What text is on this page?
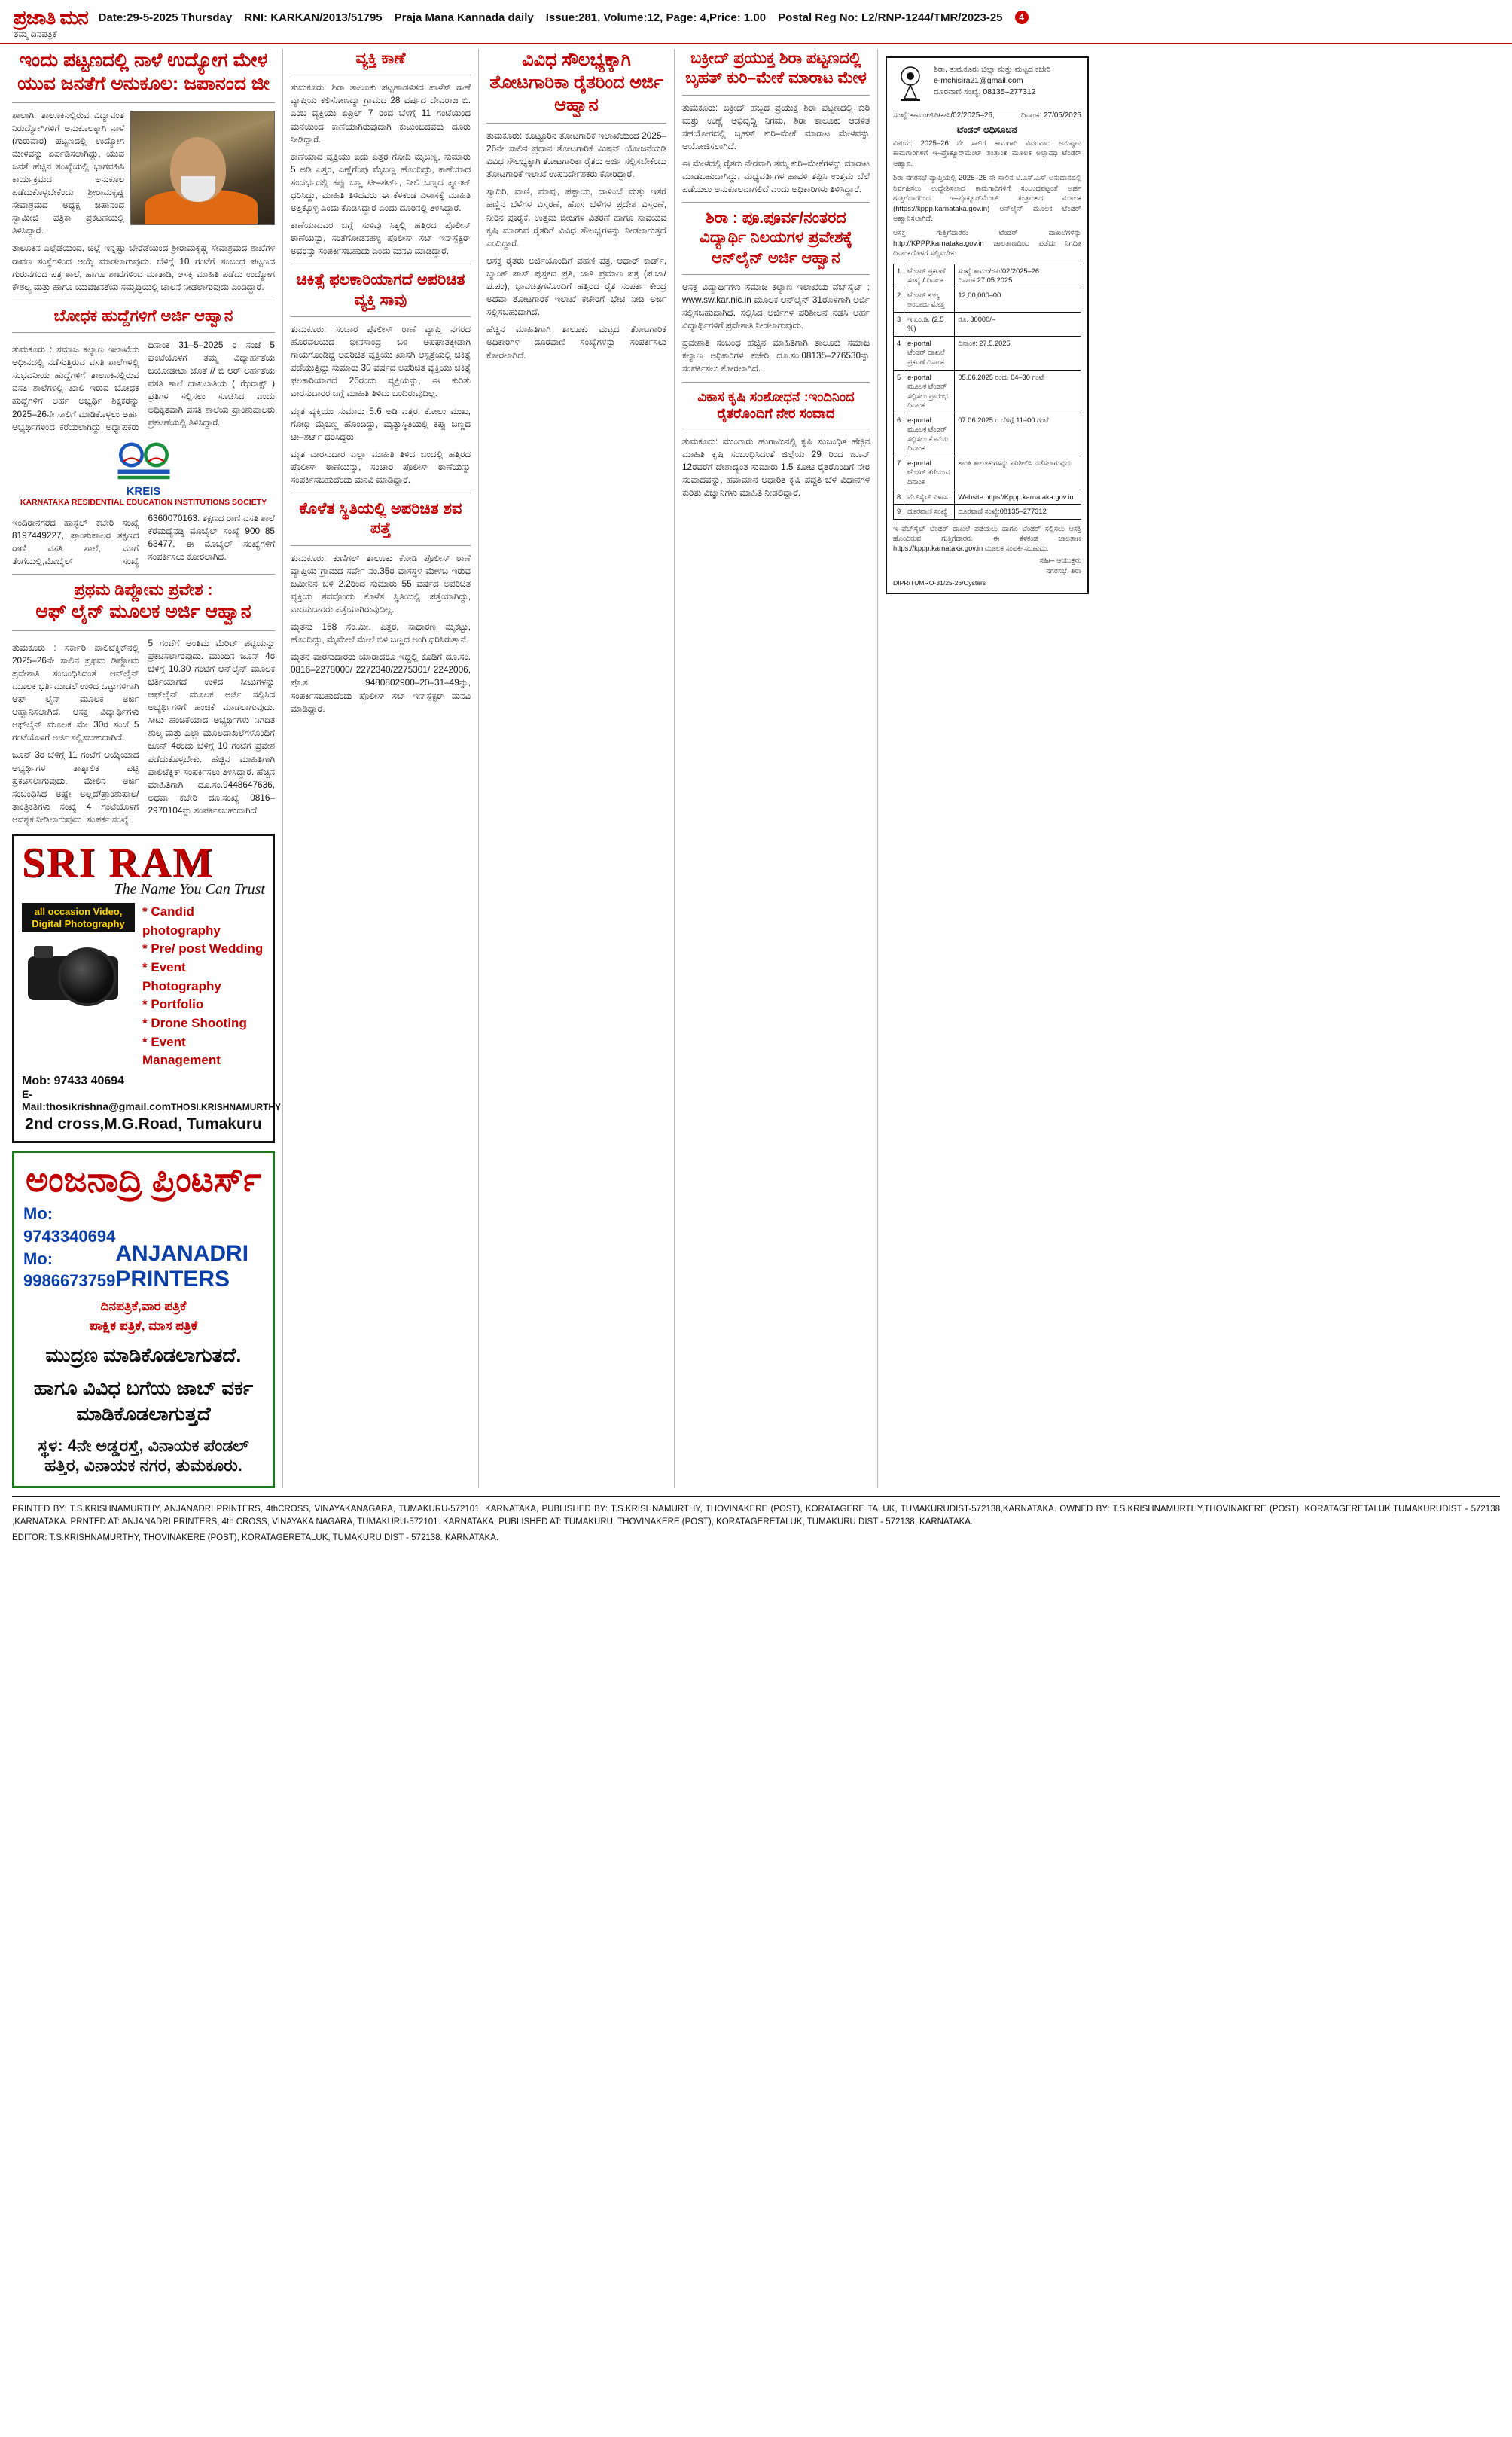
ಪ್ರಜಾತಿ ಮನ
ತಮ್ಮ ದಿನಪತ್ರಿಕೆ
Date:29-5-2025 Thursday RNI: KARKAN/2013/51795 Praja Mana Kannada daily Issue:281, Volume:12, Page: 4,Price: 1.00 Postal Reg No: L2/RNP-1244/TMR/2023-25	4
ಇಂದು ಪಟ್ಟಣದಲ್ಲಿ ನಾಳೆ ಉದ್ಯೋಗ ಮೇಳ ಯುವ ಜನತೆಗೆ ಅನುಕೂಲ: ಜಪಾನಂದ ಜೀ
ಶಾಲಾಗಿ: ತಾಲೂಕಿನಲ್ಲಿರುವ ವಿದ್ಯಾವಂತ ನಿರುದ್ಯೋಗಿಗಳಿಗೆ ಅನುಕೂಲಕ್ಕಾಗಿ ನಾಳೆ (ಗುರುವಾರ) ಪಟ್ಟಣದಲ್ಲಿ ಉದ್ಯೋಗ ಮೇಳವನ್ನು ಏರ್ಪಡಿಸಲಾಗಿದ್ದು, ಯುವ ಜನತೆ ಹೆಚ್ಚಿನ ಸಂಖ್ಯೆಯಲ್ಲಿ ಭಾಗವಹಿಸಿ ಕಾರ್ಯಕ್ರಮದ ಅನುಕೂಲ ಪಡೆದುಕೊಳ್ಳಬೇಕೆಂದು ಶ್ರೀರಾಮಕೃಷ್ಣ ಸೇವಾಶ್ರಮದ ಅಧ್ಯಕ್ಷ ಜಪಾನಂದ ಸ್ವಾಮೀಜಿ ಪತ್ರಿಕಾ ಪ್ರಕಟಣೆಯಲ್ಲಿ ತಿಳಿಸಿದ್ದಾರೆ.
ತಾಲೂಕಿನ ಎಲ್ಲೆಡೆಯಿಂದ, ಜಿಲ್ಲೆ ಇನ್ನಷ್ಟು ಬೇರೆಡೆಯಿಂದ ಶ್ರೀರಾಮಕೃಷ್ಣ ಸೇವಾಶ್ರಮದ ಶಾಖೆಗಳ ರಾವಣ ಸಂಸ್ಥೆಗಳಿಂದ ಆಯ್ಕೆ ಮಾಡಲಾಗುವುದು. ಬೆಳಿಗ್ಗೆ 10 ಗಂಟೆಗೆ ಸಂಬಂಧ ಪಟ್ಟಣದ ಗುರುನಗರದ ಪತ್ರ ಶಾಲೆ, ಹಾಗೂ ಶಾಖೆಗಳಿಂದ ಮಾತಾಡಿ, ಆಸಕ್ತಿ ಮಾಹಿತಿ ಪಡೆದು ಉದ್ಯೋಗ ಕೌಶಲ್ಯ ಮತ್ತು ಹಾಗೂ ಯುವಜನತೆಯ ಸಮೃದ್ಧಿಯಲ್ಲಿ ಚಾಲನೆ ನೀಡಲಾಗುವುದು ಎಂದಿದ್ದಾರೆ.
ಬೋಧಕ ಹುದ್ದೆಗಳಿಗೆ ಅರ್ಜಿ ಆಹ್ವಾನ
ತುಮಕೂರು : ಸಮಾಜ ಕಲ್ಯಾಣ ಇಲಾಖೆಯ ಅಧೀನದಲ್ಲಿ ನಡೆಸುತ್ತಿರುವ ವಸತಿ ಶಾಲೆಗಳಲ್ಲಿ ಸಂಭವನೀಯ ಹುದ್ದೆಗಳಿಗೆ ತಾಲೂಕಿನಲ್ಲಿರುವ ವಸತಿ ಶಾಲೆಗಳಲ್ಲಿ ಖಾಲಿ ಇರುವ ಬೋಧಕ ಹುದ್ದೆಗಳಿಗೆ ಅರ್ಹ ಅಭ್ಯರ್ಥಿ ಶಿಕ್ಷಕರನ್ನು 2025–26ನೇ ಸಾಲಿಗೆ ಮಾಡಿಕೊಳ್ಳಲು ಅರ್ಹ ಅಭ್ಯರ್ಥಿಗಳಿಂದ ಕರೆಯಲಾಗಿದ್ದು ಅಧ್ಯಾಪಕರು ದಿನಾಂಕ 31–5–2025 ರ ಸಂಜೆ 5 ಘಂಟೆಯೊಳಗೆ ತಮ್ಮ ವಿದ್ಯಾರ್ಹತೆಯ ಬಯೋಡೇಟಾ ಜೊತೆ // ಬಿ ಆರ್ ಅರ್ಹತೆಯ ವಸತಿ ಶಾಲೆ ದಾಖಲಾತಿಯ ( ಝೆರಾಕ್ಸ್ ) ಪ್ರತಿಗಳ ಸಲ್ಲಿಸಲು ಸೂಚಿಸಿದ ಎಂದು ಅಧಿಕೃತವಾಗಿ ವಸತಿ ಶಾಲೆಯ ಪ್ರಾಂಶುಪಾಲರು ಪ್ರಕಟಣೆಯಲ್ಲಿ ತಿಳಿಸಿದ್ದಾರೆ.
KREIS
KARNATAKA RESIDENTIAL EDUCATION INSTITUTIONS SOCIETY
ಇಂದಿರಾನಗರದ ಹಾಸ್ಟೆಲ್ ಕಚೇರಿ ಸಂಖ್ಯೆ 8197449227, ಪ್ರಾಂಶುಪಾಲರ ತಕ್ಷಣದ ರಾಣಿ ವಸತಿ ಶಾಲೆ, ಮಾಗೆ ತೆಂಗೆಯಲ್ಲಿ,ಮೊಬೈಲ್ ಸಂಖ್ಯೆ 6360070163. ತಕ್ಷಣದ ರಾಣಿ ವಸತಿ ಶಾಲೆ ಕೆರೆಮಧ್ಯೆನಡ್ಡಿ ಮೊಬೈಲ್ ಸಂಖ್ಯೆ 900 85 63477, ಈ ಮೊಬೈಲ್ ಸಂಖ್ಯೆಗಳಿಗೆ ಸಂಪರ್ಕಿಸಲು ಕೋರಲಾಗಿದೆ.
ಪ್ರಥಮ ಡಿಪ್ಲೋಮ ಪ್ರವೇಶ :
ಆಫ್ ಲೈನ್ ಮೂಲಕ ಅರ್ಜಿ ಆಹ್ವಾನ
ತುಮಕೂರು : ಸರ್ಕಾರಿ ಪಾಲಿಟೆಕ್ನಿಕ್‌ನಲ್ಲಿ 2025–26ನೇ ಸಾಲಿನ ಪ್ರಥಮ ಡಿಪ್ಲೋಮ ಪ್ರವೇಶಾತಿ ಸಂಬಂಧಿಸಿದಂತೆ ಆನ್‌ಲೈನ್ ಮೂಲಕ ಭರ್ತಿಮಾಡಲೆ ಉಳಿದ ಒಟ್ಟುಗಳಿಗಾಗಿ ಆಫ್ ಲೈನ್ ಮೂಲಕ ಅರ್ಜಿ ಆಹ್ವಾನಿಸಲಾಗಿದೆ. ಆಸಕ್ತ ವಿದ್ಯಾರ್ಥಿಗಳು ಆಫ್‌ಲೈನ್ ಮೂಲಕ ಮೇ 30ರ ಸಂಜೆ 5 ಗಂಟೆಯೊಳಗೆ ಅರ್ಜಿ ಸಲ್ಲಿಸಬಹುದಾಗಿದೆ.
ಜೂನ್ 3ರ ಬೆಳಿಗ್ಗೆ 11 ಗಂಟೆಗೆ ಆಯ್ಕೆಯಾದ ಅಭ್ಯರ್ಥಿಗಳ ತಾತ್ಕಾಲಿಕ ಪಟ್ಟಿ ಪ್ರಕಟಿಸಲಾಗುವುದು. ಮೇಲಿನ ಅರ್ಜಿ ಸಂಬಂಧಿಸಿದ ಅಷ್ಟೇ ಅಲ್ಲದೆ/ಪ್ರಾಂಶುಪಾಲ/ ತಾಂತ್ರಿಕತಿಗಳು ಸಂಖ್ಯೆ 4 ಗಂಟೆಯೊಳಗೆ ಆವಶ್ಯಕ ನೀಡಿಲಾಗುವುದು. ಸಂಪರ್ಕ ಸಂಖ್ಯೆ
5 ಗಂಟೆಗೆ ಅಂತಿಮ ಮೆರಿಟ್ ಪಟ್ಟಿಯನ್ನು ಪ್ರಕಟಿಸಲಾಗುವುದು. ಮುಂದಿನ ಜೂನ್ 4ರ ಬೆಳಿಗ್ಗೆ 10.30 ಗಂಟೆಗೆ ಆನ್‌ಲೈನ್ ಮೂಲಕ ಭರ್ತಿಯಾಗದೆ ಉಳಿದ ಸೀಟುಗಳನ್ನು ಆಫ್‌ಲೈನ್ ಮೂಲಕ ಅರ್ಜಿ ಸಲ್ಲಿಸಿದ ಅಭ್ಯರ್ಥಿಗಳಿಗೆ ಹಂಚಿಕೆ ಮಾಡಲಾಗುವುದು. ಸೀಟು ಹಂಚಿಕೆಯಾದ ಅಭ್ಯರ್ಥಿಗಳು ನಿಗದಿತ ಶುಲ್ಕ ಮತ್ತು ಎಲ್ಲಾ ಮೂಲದಾಖಲೆಗಳೊಂದಿಗೆ ಜೂನ್ 4ರಂದು ಬೆಳಿಗ್ಗೆ 10 ಗಂಟೆಗೆ ಪ್ರವೇಶ ಪಡೆದುಕೊಳ್ಳಬೇಕು. ಹೆಚ್ಚಿನ ಮಾಹಿತಿಗಾಗಿ ಪಾಲಿಟೆಕ್ನಿಕ್ ಸಂಪರ್ಕಿಸಲು ತಿಳಿಸಿದ್ದಾರೆ. ಹೆಚ್ಚಿನ ಮಾಹಿತಿಗಾಗಿ ದೂ.ಸಂ.9448647636, ಅಥವಾ ಕಚೇರಿ ದೂ.ಸಂಖ್ಯೆ 0816–2970104ನ್ನು ಸಂಪರ್ಕಿಸಬಹುದಾಗಿದೆ.
SRI RAM
The Name You Can Trust
all occasion Video, Digital Photography
* Candid photography
* Pre/ post Wedding
* Event Photography
* Portfolio
* Drone Shooting
* Event Management
Mob: 97433 40694
E-Mail:thosikrishna@gmail.com THOSI.KRISHNAMURTHY
2nd cross,M.G.Road, Tumakuru
ಅಂಜನಾದ್ರಿ ಪ್ರಿಂಟರ್ಸ್
Mo: 9743340694
Mo: 9986673759
ANJANADRI PRINTERS
ದಿನಪತ್ರಿಕೆ,ವಾರ ಪತ್ರಿಕೆ
ಪಾಕ್ಷಿಕ ಪತ್ರಿಕೆ, ಮಾಸ ಪತ್ರಿಕೆ
ಮುದ್ರಣ ಮಾಡಿಕೊಡಲಾಗುತದೆ.
ಹಾಗೂ ವಿವಿಧ ಬಗೆಯ ಜಾಬ್ ವರ್ಕ ಮಾಡಿಕೊಡಲಾಗುತ್ತದೆ
ಸ್ಥಳ: 4ನೇ ಅಡ್ಡರಸ್ತೆ, ವಿನಾಯಕ ಪೆಂಡಲ್ ಹತ್ತಿರ, ವಿನಾಯಕ ನಗರ, ತುಮಕೂರು.
ವ್ಯಕ್ತಿ ಕಾಣೆ
ತುಮಕೂರು: ಶಿರಾ ತಾಲೂಕು ಪಟ್ಟಣಾಡಳಿತದ ಪಾಳೆಸ್ ಠಾಣೆ ವ್ಯಾಪ್ತಿಯ ಕಲಿಸೋಣದ್ಯಾ ಗ್ರಾಮದ 28 ವರ್ಷದ ದೇವರಾಜ ಬಿ. ಎಂಬ ವ್ಯಕ್ತಿಯು ಏಪ್ರಿಲ್ 7 ರಿಂದ ಬೆಳಿಗ್ಗೆ 11 ಗಂಟೆಯಿಂದ ಮನೆಯಿಂದ ಕಾಣೆಯಾಗಿರುವುದಾಗಿ ಕುಟುಂಬದವರು ದೂರು ನೀಡಿದ್ದಾರೆ.
ಕಾಣೆಯಾದ ವ್ಯಕ್ತಿಯು ಐದು ಎತ್ತರ ಗೋದಿ ಮೈಬಣ್ಣ, ಸುಮಾರು 5 ಅಡಿ ಎತ್ತರ, ಎಣ್ಣೆಗೆಂಪು ಮೈಬಣ್ಣ ಹೊಂದಿದ್ದು, ಕಾಣೆಯಾದ ಸಂದರ್ಭದಲ್ಲಿ ಕಪ್ಪು ಬಣ್ಣ ಟೀ–ಶರ್ಟ್, ನೀಲಿ ಬಣ್ಣದ ಪ್ಯಾಂಟ್ ಧರಿಸಿದ್ದು, ಮಾಹಿತಿ ತಿಳಿದವರು ಈ ಕೆಳಕಂಡ ವಿಳಾಸಕ್ಕೆ ಮಾಹಿತಿ ಅತ್ತಿಕ್ಕೊಳ್ಳಿ ಎಂದು ಕೊಡಿಸಿದ್ದಾರೆ ಎಂದು ದೂರಿನಲ್ಲಿ ತಿಳಿಸಿದ್ದಾರೆ.
ಕಾಣೆಯಾದವರ ಬಗ್ಗೆ ಸುಳಿವು ಸಿಕ್ಕಲ್ಲಿ ಹತ್ತಿರದ ಪೊಲೀಸ್ ಠಾಣೆಯನ್ನು, ಸಂತೆಗೋಡನಹಳ್ಳಿ ಪೊಲೀಸ್ ಸಬ್ ಇನ್‌ಸ್ಪೆಕ್ಟರ್ ಅವರನ್ನು ಸಂಪರ್ಕಿಸಬಹುದು ಎಂದು ಮನವಿ ಮಾಡಿದ್ದಾರೆ.
ಚಿಕಿತ್ಸೆ ಫಲಕಾರಿಯಾಗದೆ ಅಪರಿಚಿತ ವ್ಯಕ್ತಿ ಸಾವು
ತುಮಕೂರು: ಸಂಚಾರ ಪೊಲೀಸ್ ಠಾಣೆ ವ್ಯಾಪ್ತಿ ನಗರದ ಹೊರವಲಯದ ಭೀನಸಾಂದ್ರ ಬಳಿ ಅಪಘಾತಕ್ಕೀಡಾಗಿ ಗಾಯಗೊಂಡಿದ್ದ ಅಪರಿಚಿತ ವ್ಯಕ್ತಿಯು ಖಾಸಗಿ ಆಸ್ಪತ್ರೆಯಲ್ಲಿ ಚಿಕಿತ್ಸೆ ಪಡೆಯುತ್ತಿದ್ದು ಸುಮಾರು 30 ವರ್ಷದ ಅಪರಿಚಿತ ವ್ಯಕ್ತಿಯು ಚಿಕಿತ್ಸೆ ಫಲಕಾರಿಯಾಗದೆ 26ರಂದು ವ್ಯಕ್ತಿಯನ್ನು, ಈ ಕುರಿತು ವಾರಸುದಾರರ ಬಗ್ಗೆ ಮಾಹಿತಿ ತಿಳಿದು ಬಂದಿರುವುದಿಲ್ಲ.
ಮೃತ ವ್ಯಕ್ತಿಯು ಸುಮಾರು 5.6 ಅಡಿ ಎತ್ತರ, ಕೋಲು ಮುಖ, ಗೋಧಿ ಮೈಬಣ್ಣ ಹೊಂದಿದ್ದು, ಮೃತ್ಯುಸ್ಥಿತಿಯಲ್ಲಿ ಕಪ್ಪು ಬಣ್ಣದ ಟೀ–ಶರ್ಟ್ ಧರಿಸಿದ್ದರು.
ಮೃತ ವಾರಸುದಾರ ಎಲ್ಲಾ ಮಾಹಿತಿ ತಿಳಿದ ಬಂದಲ್ಲಿ ಹತ್ತಿರದ ಪೊಲೀಸ್ ಠಾಣೆಯನ್ನು, ಸಂಚಾರ ಪೊಲೀಸ್ ಠಾಣೆಯನ್ನು ಸಂಪರ್ಕಿಸಬಹುದೆಂದು ಮನವಿ ಮಾಡಿದ್ದಾರೆ.
ಕೊಳೆತ ಸ್ಥಿತಿಯಲ್ಲಿ ಅಪರಿಚಿತ ಶವ ಪತ್ತೆ
ತುಮಕೂರು: ಕುಣಿಗಲ್ ತಾಲೂಕು ಕೋಡಿ ಪೊಲೀಸ್ ಠಾಣೆ ವ್ಯಾಪ್ತಿಯ ಗ್ರಾಮದ ಸರ್ವೇ ನಂ.35ರ ವಾಸಸ್ಥಳ ಮೇಳಬ ಇರುವ ಜಮೀನಿನ ಬಳಿ 2.2ರಿಂದ ಸುಮಾರು 55 ವರ್ಷದ ಅಪರಿಚಿತ ವ್ಯಕ್ತಿಯ ಶವವೊಂದು ಕೊಳೆತ ಸ್ಥಿತಿಯಲ್ಲಿ ಪತ್ತೆಯಾಗಿದ್ದು, ವಾರಸುದಾರರು ಪತ್ತೆಯಾಗಿರುವುದಿಲ್ಲ.
ಮೃತನು 168 ಸೆಂ.ಮೀ. ಎತ್ತರ, ಸಾಧಾರಣ ಮೈಕಟ್ಟು, ಹೊಂದಿದ್ದು, ಮೈಮೇಲೆ ಮೇಲೆ ಬಿಳಿ ಬಣ್ಣದ ಅಂಗಿ ಧರಿಸಿರುತ್ತಾನೆ.
ಮೃತನ ವಾರಸುದಾರರು ಯಾರಾದರೂ ಇದ್ದಲ್ಲಿ ಕೊಡಿಗೆ ದೂ.ಸಂ. 0816–2278000/ 2272340/2275301/ 2242006, ಪೊ.ಸ 9480802900–20–31–49ನ್ನು, ಸಂಪರ್ಕಿಸಬಹುದೆಂದು ಪೊಲೀಸ್ ಸಬ್ ಇನ್‌ಸ್ಪೆಕ್ಟರ್ ಮನವಿ ಮಾಡಿದ್ದಾರೆ.
ವಿವಿಧ ಸೌಲಭ್ಯಕ್ಕಾಗಿ ತೋಟಗಾರಿಕಾ ರೈತರಿಂದ ಅರ್ಜಿ ಆಹ್ವಾನ
ತುಮಕೂರು: ಕೊಟ್ಟೂರಿನ ತೋಟಗಾರಿಕೆ ಇಲಾಖೆಯಿಂದ 2025–26ನೇ ಸಾಲಿನ ಪ್ರಧಾನ ತೋಟಗಾರಿಕೆ ಮಿಷನ್ ಯೋಜನೆಯಡಿ ವಿವಿಧ ಸೌಲಭ್ಯಕ್ಕಾಗಿ ತೋಟಗಾರಿಕಾ ರೈತರು ಅರ್ಜಿ ಸಲ್ಲಿಸಬೇಕೆಂದು ತೋಟಗಾರಿಕೆ ಇಲಾಖೆ ಉಪನಿರ್ದೇಶಕರು ಕೋರಿದ್ದಾರೆ.
ಸ್ವಾದಿರಿ, ವಾಣಿ, ಮಾವು, ಪಪ್ಪಾಯ, ದಾಳಿಂಬೆ ಮತ್ತು ಇತರೆ ಹಣ್ಣಿನ ಬೆಳೆಗಳ ವಿಸ್ತರಣೆ, ಹೊಸ ಬೆಳೆಗಳ ಪ್ರದೇಶ ವಿಸ್ತರಣೆ, ನೀರಿನ ಪೂರೈಕೆ, ಉತ್ತಮ ಬೀಜಗಳ ವಿತರಣೆ ಹಾಗೂ ಸಾವಯವ ಕೃಷಿ ಮಾಡುವ ರೈತರಿಗೆ ವಿವಿಧ ಸೌಲಭ್ಯಗಳನ್ನು ನೀಡಲಾಗುತ್ತದೆ ಎಂದಿದ್ದಾರೆ.
ಆಸಕ್ತ ರೈತರು ಅರ್ಜಿಯೊಂದಿಗೆ ಪಹಣಿ ಪತ್ರ, ಆಧಾರ್ ಕಾರ್ಡ್, ಬ್ಯಾಂಕ್ ಪಾಸ್ ಪುಸ್ತಕದ ಪ್ರತಿ, ಜಾತಿ ಪ್ರಮಾಣ ಪತ್ರ (ಪ.ಜಾ/ಪ.ಪಂ), ಭಾವಚಿತ್ರಗಳೊಂದಿಗೆ ಹತ್ತಿರದ ರೈತ ಸಂಪರ್ಕ ಕೇಂದ್ರ ಅಥವಾ ತೋಟಗಾರಿಕೆ ಇಲಾಖೆ ಕಚೇರಿಗೆ ಭೇಟಿ ನೀಡಿ ಅರ್ಜಿ ಸಲ್ಲಿಸಬಹುದಾಗಿದೆ.
ಹೆಚ್ಚಿನ ಮಾಹಿತಿಗಾಗಿ ತಾಲೂಕು ಮಟ್ಟದ ತೋಟಗಾರಿಕೆ ಅಧಿಕಾರಿಗಳ ದೂರವಾಣಿ ಸಂಖ್ಯೆಗಳನ್ನು ಸಂಪರ್ಕಿಸಲು ಕೋರಲಾಗಿದೆ.
ಬಕ್ರೀದ್ ಪ್ರಯುಕ್ತ ಶಿರಾ ಪಟ್ಟಣದಲ್ಲಿ ಬೃಹತ್ ಕುರಿ–ಮೇಕೆ ಮಾರಾಟ ಮೇಳ
ತುಮಕೂರು: ಬಕ್ರೀದ್ ಹಬ್ಬದ ಪ್ರಯುಕ್ತ ಶಿರಾ ಪಟ್ಟಣದಲ್ಲಿ ಕುರಿ ಮತ್ತು ಉಣ್ಣೆ ಅಭಿವೃದ್ಧಿ ನಿಗಮ, ಶಿರಾ ತಾಲೂಕು ಆಡಳಿತ ಸಹಯೋಗದಲ್ಲಿ ಬೃಹತ್ ಕುರಿ–ಮೇಕೆ ಮಾರಾಟ ಮೇಳವನ್ನು ಆಯೋಜಿಸಲಾಗಿದೆ.
ಈ ಮೇಳದಲ್ಲಿ ರೈತರು ನೇರವಾಗಿ ತಮ್ಮ ಕುರಿ–ಮೇಕೆಗಳನ್ನು ಮಾರಾಟ ಮಾಡಬಹುದಾಗಿದ್ದು, ಮಧ್ಯವರ್ತಿಗಳ ಹಾವಳಿ ತಪ್ಪಿಸಿ ಉತ್ತಮ ಬೆಲೆ ಪಡೆಯಲು ಅನುಕೂಲವಾಗಲಿದೆ ಎಂದು ಅಧಿಕಾರಿಗಳು ತಿಳಿಸಿದ್ದಾರೆ.
ಶಿರಾ : ಪೂ.ಪೂರ್ವ/ನಂತರದ ವಿದ್ಯಾರ್ಥಿ ನಿಲಯಗಳ ಪ್ರವೇಶಕ್ಕೆ ಆನ್‌ಲೈನ್ ಅರ್ಜಿ ಆಹ್ವಾನ
ಆಸಕ್ತ ವಿದ್ಯಾರ್ಥಿಗಳು ಸಮಾಜ ಕಲ್ಯಾಣ ಇಲಾಖೆಯ ವೆಬ್‌ಸೈಟ್ : www.sw.kar.nic.in ಮೂಲಕ ಆನ್‌ಲೈನ್ 31ರೊಳಗಾಗಿ ಅರ್ಜಿ ಸಲ್ಲಿಸಬಹುದಾಗಿದೆ. ಸಲ್ಲಿಸಿದ ಅರ್ಜಿಗಳ ಪರಿಶೀಲನೆ ನಡೆಸಿ ಅರ್ಹ ವಿದ್ಯಾರ್ಥಿಗಳಿಗೆ ಪ್ರವೇಶಾತಿ ನೀಡಲಾಗುವುದು.
ಪ್ರವೇಶಾತಿ ಸಂಬಂಧ ಹೆಚ್ಚಿನ ಮಾಹಿತಿಗಾಗಿ ತಾಲೂಕು ಸಮಾಜ ಕಲ್ಯಾಣ ಅಧಿಕಾರಿಗಳ ಕಚೇರಿ ದೂ.ಸಂ.08135–276530ನ್ನು ಸಂಪರ್ಕಿಸಲು ಕೋರಲಾಗಿದೆ.
ವಿಕಾಸ ಕೃಷಿ ಸಂಶೋಧನೆ :ಇಂದಿನಿಂದ ರೈತರೊಂದಿಗೆ ನೇರ ಸಂವಾದ
ತುಮಕೂರು: ಮುಂಗಾರು ಹಂಗಾಮಿನಲ್ಲಿ ಕೃಷಿ ಸಂಬಂಧಿತ ಹೆಚ್ಚಿನ ಮಾಹಿತಿ ಕೃಷಿ ಸಂಬಂಧಿಸಿದಂತೆ ಜಿಲ್ಲೆಯ 29 ರಿಂದ ಜೂನ್ 12ರವರೆಗೆ ದೇಶಾದ್ಯಂತ ಸುಮಾರು 1.5 ಕೋಟಿ ರೈತರೊಂದಿಗೆ ನೇರ ಸಂವಾದವನ್ನು, ಹವಾಮಾನ ಆಧಾರಿತ ಕೃಷಿ ಪದ್ಧತಿ ಬೆಳೆ ವಿಧಾನಗಳ ಕುರಿತು ವಿಜ್ಞಾನಿಗಳು ಮಾಹಿತಿ ನೀಡಲಿದ್ದಾರೆ.
ಶಿರಾ, ತುಮಕೂರು ಜಿಲ್ಲಾ ಮತ್ತು ಮಟ್ಟದ ಕಚೇರಿ
e-mchisira21@gmail.com
ದೂರವಾಣಿ ಸಂಖ್ಯೆ: 08135–277312
ಸಂಖ್ಯೆ:ತಾಮಂ/ಜಿಪಿ/ಕಾಸಿ/02/2025–26,	ದಿನಾಂಕ: 27/05/2025
ಟೆಂಡರ್ ಅಧಿಸೂಚನೆ
ವಿಷಯ: 2025–26 ನೇ ಸಾಲಿಗೆ ಕಾಮಗಾರಿ ವಿವರವಾದ ಅನುಷ್ಠಾನ ಕಾಮಗಾರಿಗಳಿಗೆ ಇ–ಪ್ರೊಕ್ಯೂರ್‌ಮೆಂಟ್ ತಂತ್ರಾಂಶ ಮೂಲಕ ಅಲ್ಪಾವಧಿ ಟೆಂಡರ್ ಆಹ್ವಾನ.
ಶಿರಾ ನಗರಸಭೆ ವ್ಯಾಪ್ತಿಯಲ್ಲಿ 2025–26 ನೇ ಸಾಲಿನ ಟಿ.ಎಸ್.ಎಸ್ ಅನುದಾನದಲ್ಲಿ ನಿರ್ವಹಿಸಲು ಉದ್ದೇಶಿಸಲಾದ ಕಾಮಗಾರಿಗಳಿಗೆ ಸಂಬಂಧಪಟ್ಟಂತೆ ಅರ್ಹ ಗುತ್ತಿಗೆದಾರರಿಂದ ಇ–ಪ್ರೊಕ್ಯೂರ್‌ಮೆಂಟ್ ತಂತ್ರಾಂಶದ ಮೂಲಕ (https://kppp.karnataka.gov.in) ಆನ್‌ಲೈನ್ ಮೂಲಕ ಟೆಂಡರ್ ಆಹ್ವಾನಿಸಲಾಗಿದೆ.
ಆಸಕ್ತ ಗುತ್ತಿಗೆದಾರರು ಟೆಂಡರ್ ದಾಖಲೆಗಳನ್ನು http://KPPP.karnataka.gov.in ಜಾಲತಾಣದಿಂದ ಪಡೆದು ನಿಗದಿತ ದಿನಾಂಕದೊಳಗೆ ಸಲ್ಲಿಸಬೇಕು.
1	ಟೆಂಡರ್ ಪ್ರಕಟಣೆ ಸಂಖ್ಯೆ / ದಿನಾಂಕ	ಸಂಖ್ಯೆ:ತಾಮಂ/ಜಿಪಿ/02/2025–26 ದಿನಾಂಕ:27.05.2025
2	ಟೆಂಡರ್ ಶುಲ್ಕ ಅಂದಾಜು ಮೊತ್ತ	12,00,000–00
3	ಇ.ಎಂ.ಡಿ. (2.5 %)	ರೂ. 30000/–
4	e-portal ಟೆಂಡರ್ ದಾಖಲೆ ಪ್ರಕಟಣೆ ದಿನಾಂಕ	ದಿನಾಂಕ: 27.5.2025
5	e-portal ಮೂಲಕ ಟೆಂಡರ್ ಸಲ್ಲಿಸಲು ಪ್ರಾರಂಭ ದಿನಾಂಕ	05.06.2025 ರಂದು 04–30 ಗಂಟೆ
6	e-portal ಮೂಲಕ ಟೆಂಡರ್ ಸಲ್ಲಿಸಲು ಕೊನೆಯ ದಿನಾಂಕ	07.06.2025 ರ ಬೆಳಿಗ್ಗೆ 11–00 ಗಂಟೆ
7	e-portal ಟೆಂಡರ್ ತೆರೆಯುವ ದಿನಾಂಕ	ಶಾಂತಿ ತಾಲೂಕುಗಳನ್ನು ಪರಿಶೀಲಿಸಿ ನಡೆಸಲಾಗುವುದು
8	ವೆಬ್‌ಸೈಟ್ ವಿಳಾಸ	Website:https//Kppp.karnataka.gov.in
9	ದೂರವಾಣಿ ಸಂಖ್ಯೆ	ದೂರವಾಣಿ ಸಂಖ್ಯೆ:08135–277312
ಇ–ವೆಬ್‌ಸೈಟ್ ಟೆಂಡರ್ ದಾಖಲೆ ಪಡೆಯಲು ಹಾಗೂ ಟೆಂಡರ್ ಸಲ್ಲಿಸಲು ಆಸಕ್ತಿ ಹೊಂದಿರುವ ಗುತ್ತಿಗೆದಾರರು ಈ ಕೆಳಕಂಡ ಜಾಲತಾಣ https://kppp.karnataka.gov.in ಮೂಲಕ ಸಂಪರ್ಕಿಸಬಹುದು.
ಸಹಿ/– ಆಯುಕ್ತರು
ನಗರಸಭೆ, ಶಿರಾ
DIPR/TUMRO-31/25-26/Oysters
PRINTED BY: T.S.KRISHNAMURTHY, ANJANADRI PRINTERS, 4thCROSS, VINAYAKANAGARA, TUMAKURU-572101. KARNATAKA, PUBLISHED BY: T.S.KRISHNAMURTHY, THOVINAKERE (POST), KORATAGERE TALUK, TUMAKURUDIST-572138,KARNATAKA. OWNED BY: T.S.KRISHNAMURTHY,THOVINAKERE (POST), KORATAGERETALUK,TUMAKURUDIST - 572138 ,KARNATAKA. PRNTED AT: ANJANADRI PRINTERS, 4th CROSS, VINAYAKA NAGARA, TUMAKURU-572101. KARNATAKA, PUBLISHED AT: TUMAKURU, THOVINAKERE (POST), KORATAGERETALUK, TUMAKURU DIST - 572138, KARNATAKA.
EDITOR: T.S.KRISHNAMURTHY, THOVINAKERE (POST), KORATAGERETALUK, TUMAKURU DIST - 572138. KARNATAKA.
